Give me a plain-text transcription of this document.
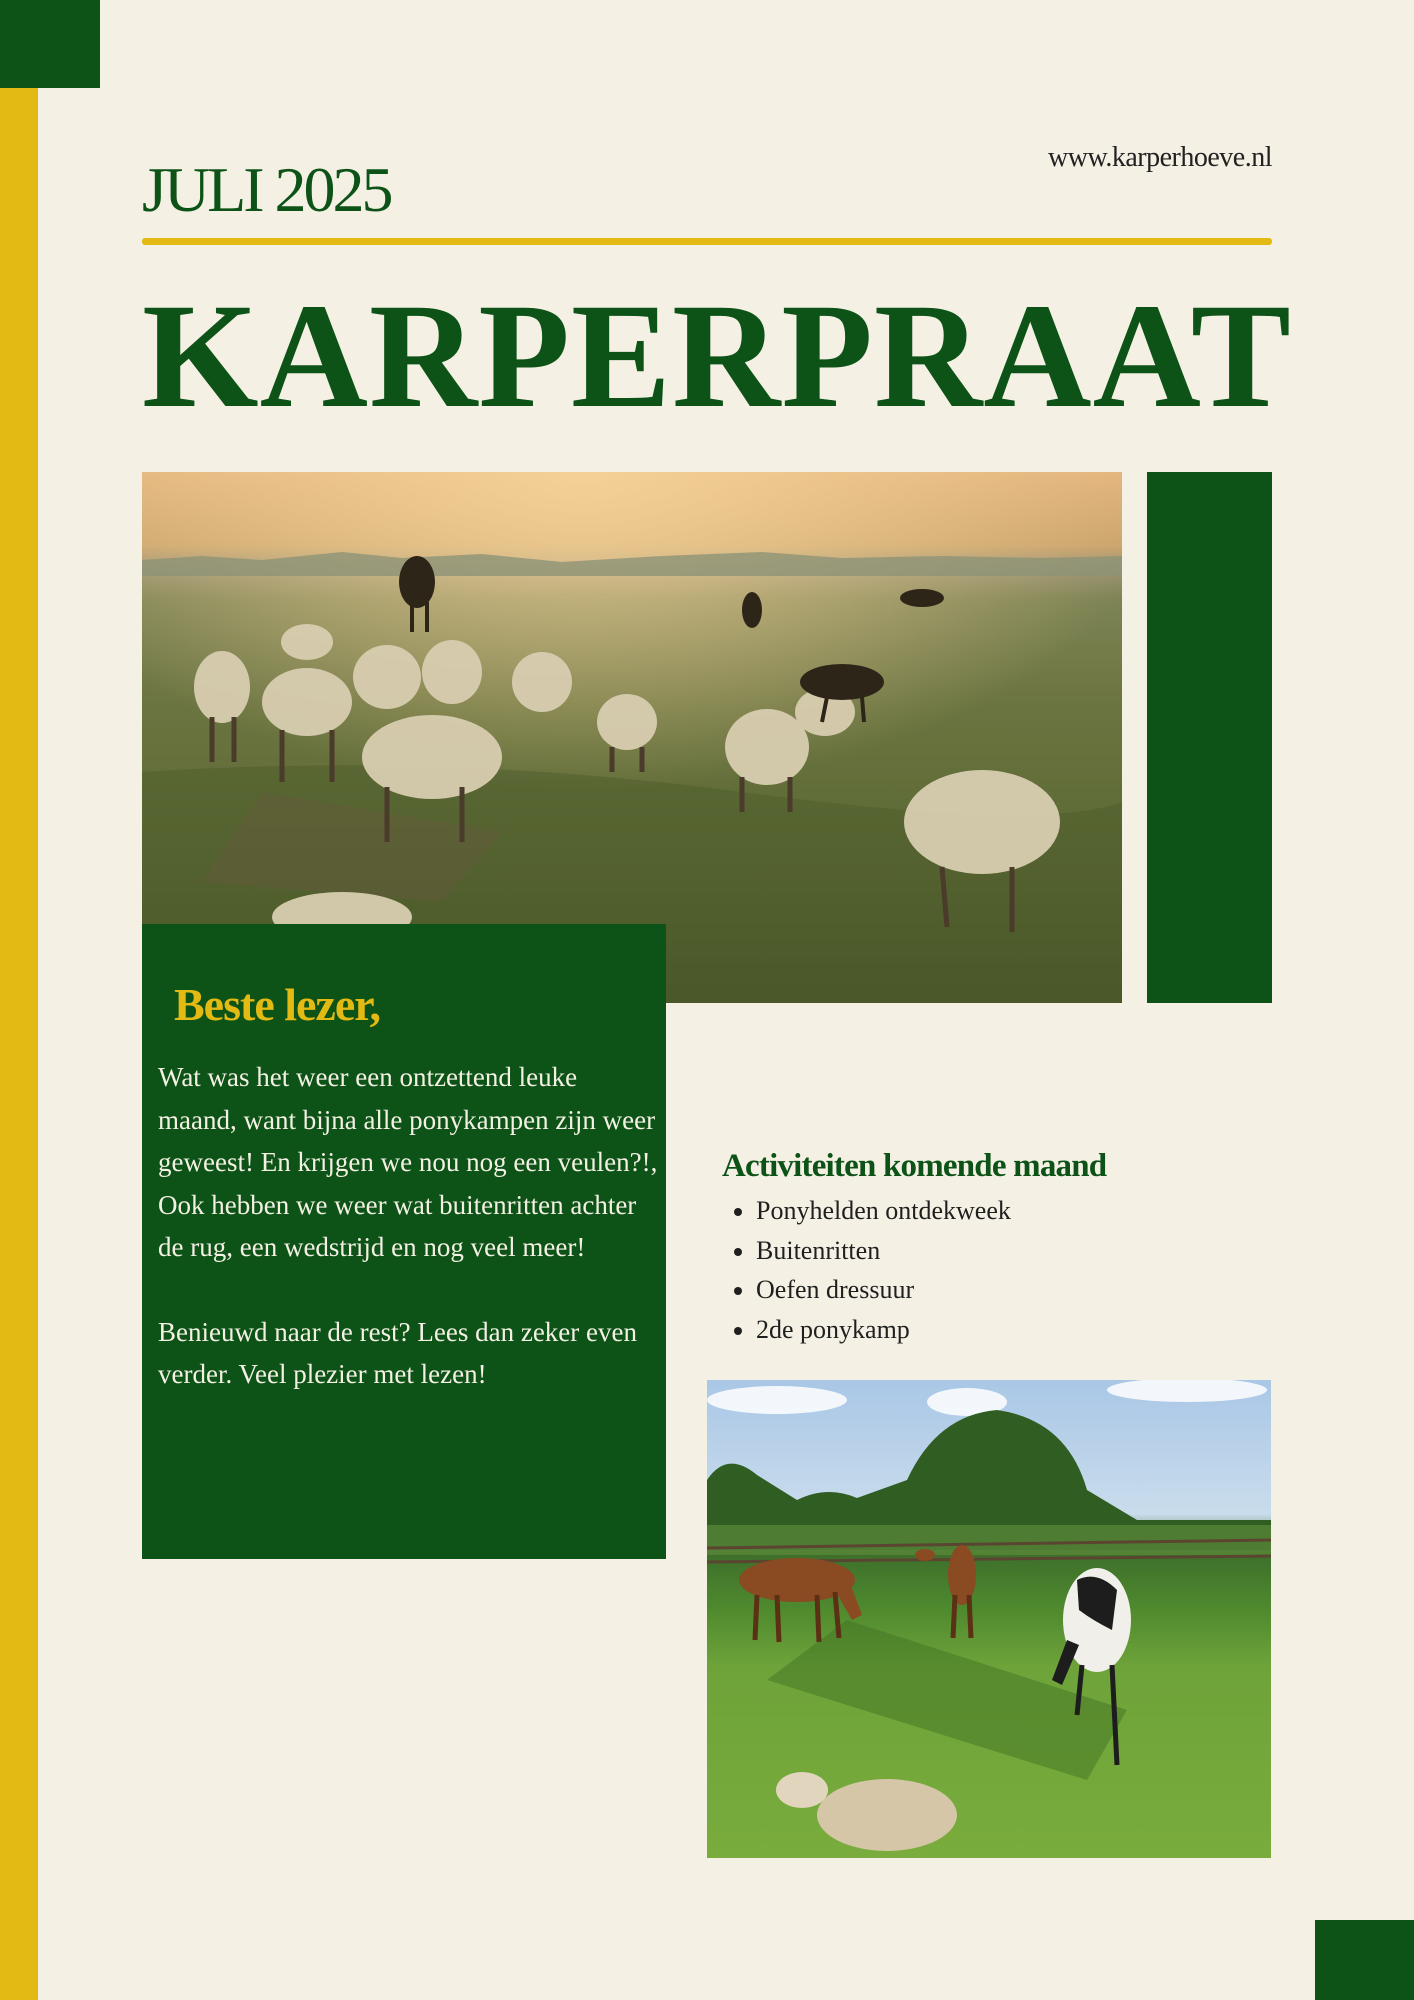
JULI 2025	www.karperhoeve.nl
KARPERPRAAT
Beste lezer,

Wat was het weer een ontzettend leuke maand, want bijna alle ponykampen zijn weer geweest! En krijgen we nou nog een veulen?!, Ook hebben we weer wat buitenritten achter de rug, een wedstrijd en nog veel meer!

Benieuwd naar de rest? Lees dan zeker even verder. Veel plezier met lezen!

Activiteiten komende maand
• Ponyhelden ontdekweek
• Buitenritten
• Oefen dressuur
• 2de ponykamp
